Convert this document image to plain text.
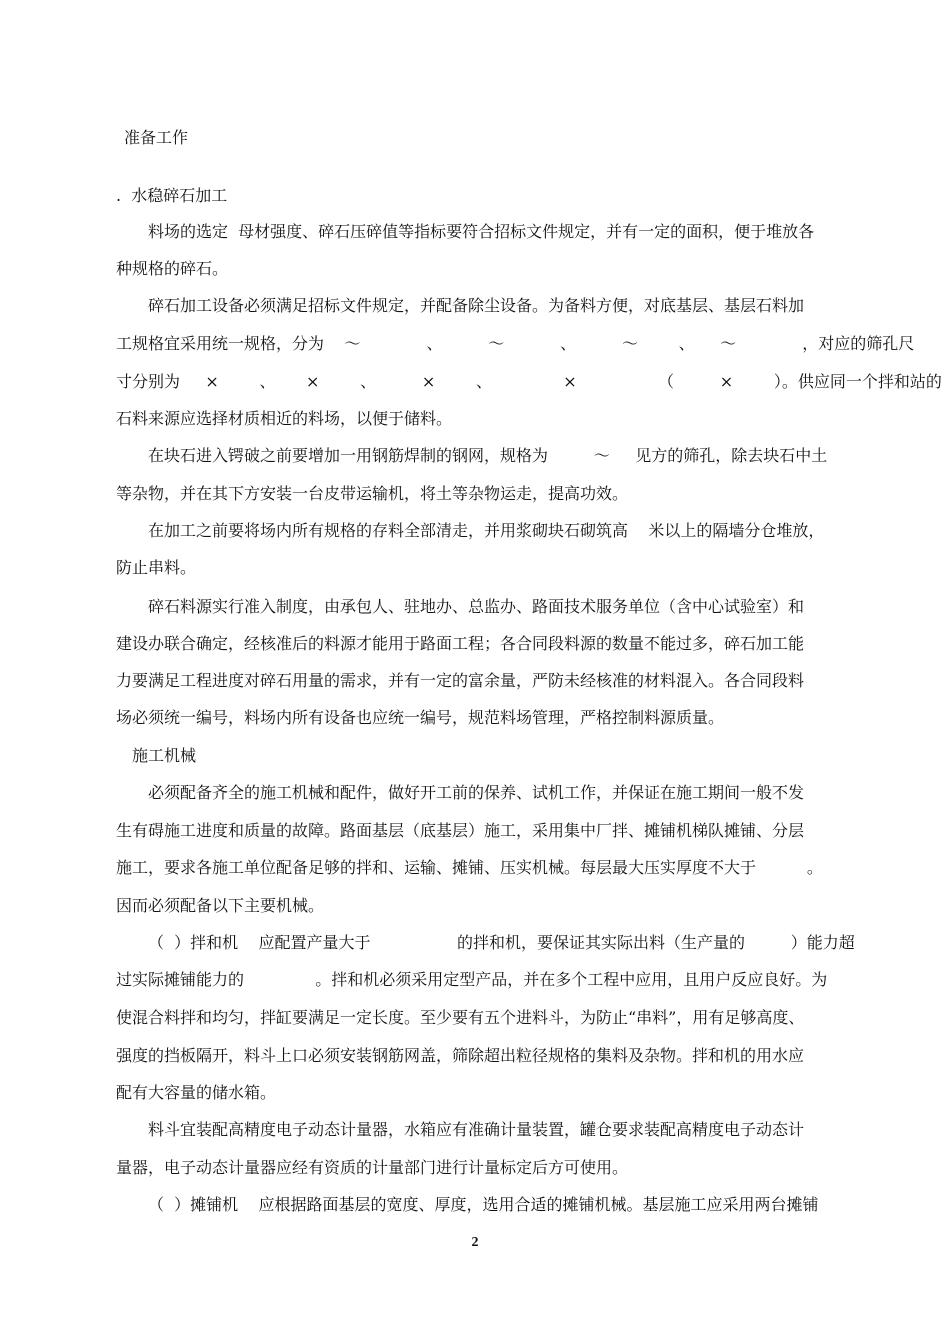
准备工作
.  水稳碎石加工
料场的选定  母材强度、碎石压碎值等指标要符合招标文件规定，并有一定的面积，便于堆放各
种规格的碎石。
碎石加工设备必须满足招标文件规定，并配备除尘设备。为备料方便，对底基层、基层石料加
工规格宜采用统一规格，分为    ～             、         ～           、         ～        、     ～             ，对应的筛孔尺
寸分别为     ×        、      ×        、         ×        、              ×                （         ×        ）。供应同一个拌和站的
石料来源应选择材质相近的料场，以便于储料。
在块石进入锷破之前要增加一用钢筋焊制的钢网，规格为         ～     见方的筛孔，除去块石中土
等杂物，并在其下方安装一台皮带运输机，将土等杂物运走，提高功效。
在加工之前要将场内所有规格的存料全部清走，并用浆砌块石砌筑高    米以上的隔墙分仓堆放，
防止串料。
碎石料源实行准入制度，由承包人、驻地办、总监办、路面技术服务单位（含中心试验室）和
建设办联合确定，经核准后的料源才能用于路面工程；各合同段料源的数量不能过多，碎石加工能
力要满足工程进度对碎石用量的需求，并有一定的富余量，严防未经核准的材料混入。各合同段料
场必须统一编号，料场内所有设备也应统一编号，规范料场管理，严格控制料源质量。
施工机械
必须配备齐全的施工机械和配件，做好开工前的保养、试机工作，并保证在施工期间一般不发
生有碍施工进度和质量的故障。路面基层（底基层）施工，采用集中厂拌、摊铺机梯队摊铺、分层
施工，要求各施工单位配备足够的拌和、运输、摊铺、压实机械。每层最大压实厚度不大于          。
因而必须配备以下主要机械。
（  ）拌和机    应配置产量大于                 的拌和机，要保证其实际出料（生产量的         ）能力超
过实际摊铺能力的              。拌和机必须采用定型产品，并在多个工程中应用，且用户反应良好。为
使混合料拌和均匀，拌缸要满足一定长度。至少要有五个进料斗，为防止“串料”，用有足够高度、
强度的挡板隔开，料斗上口必须安装钢筋网盖，筛除超出粒径规格的集料及杂物。拌和机的用水应
配有大容量的储水箱。
料斗宜装配高精度电子动态计量器，水箱应有准确计量装置，罐仓要求装配高精度电子动态计
量器，电子动态计量器应经有资质的计量部门进行计量标定后方可使用。
（  ）摊铺机    应根据路面基层的宽度、厚度，选用合适的摊铺机械。基层施工应采用两台摊铺
2
